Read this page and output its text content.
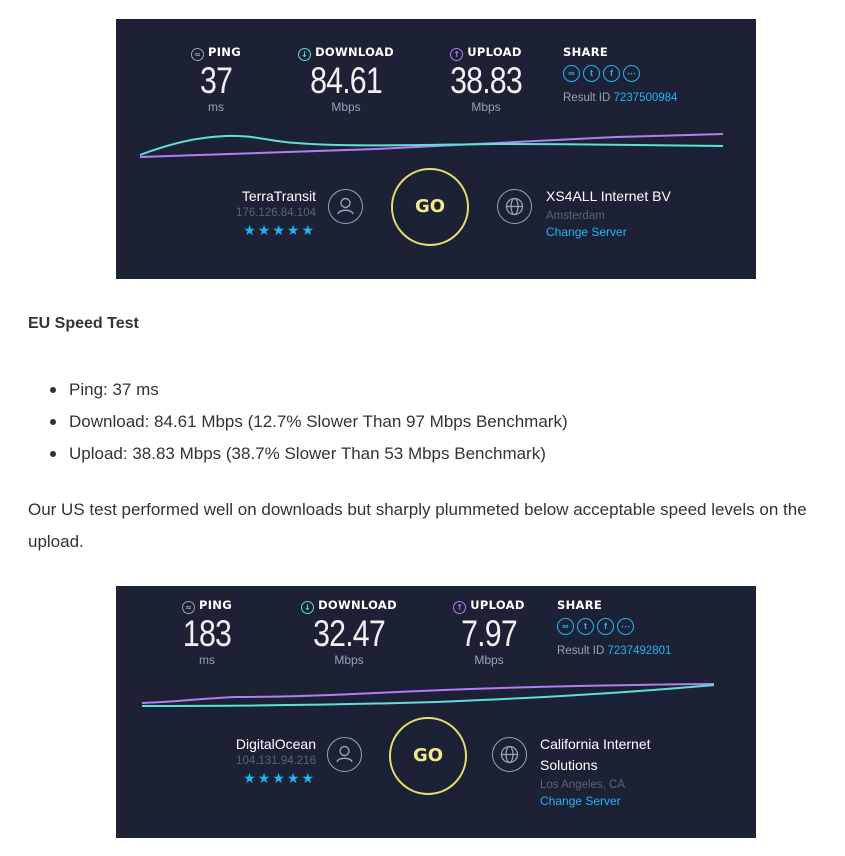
≈ PING
37
ms
↓ DOWNLOAD
84.61
Mbps
↑ UPLOAD
38.83
Mbps
SHARE
∞	t	f	⋯
Result ID 7237500984
TerraTransit
176.126.84.104
★★★★★
GO	XS4ALL Internet BV
Amsterdam
Change Server
EU Speed Test
Ping: 37 ms
Download: 84.61 Mbps (12.7% Slower Than 97 Mbps Benchmark)
Upload: 38.83 Mbps (38.7% Slower Than 53 Mbps Benchmark)

Our US test performed well on downloads but sharply plummeted below acceptable speed levels on the upload.

≈ PING
183
ms
↓ DOWNLOAD
32.47
Mbps
↑ UPLOAD
7.97
Mbps
SHARE
∞	t	f	⋯
Result ID 7237492801
DigitalOcean
104.131.94.216
★★★★★
GO
California Internet
Solutions
Los Angeles, CA
Change Server
